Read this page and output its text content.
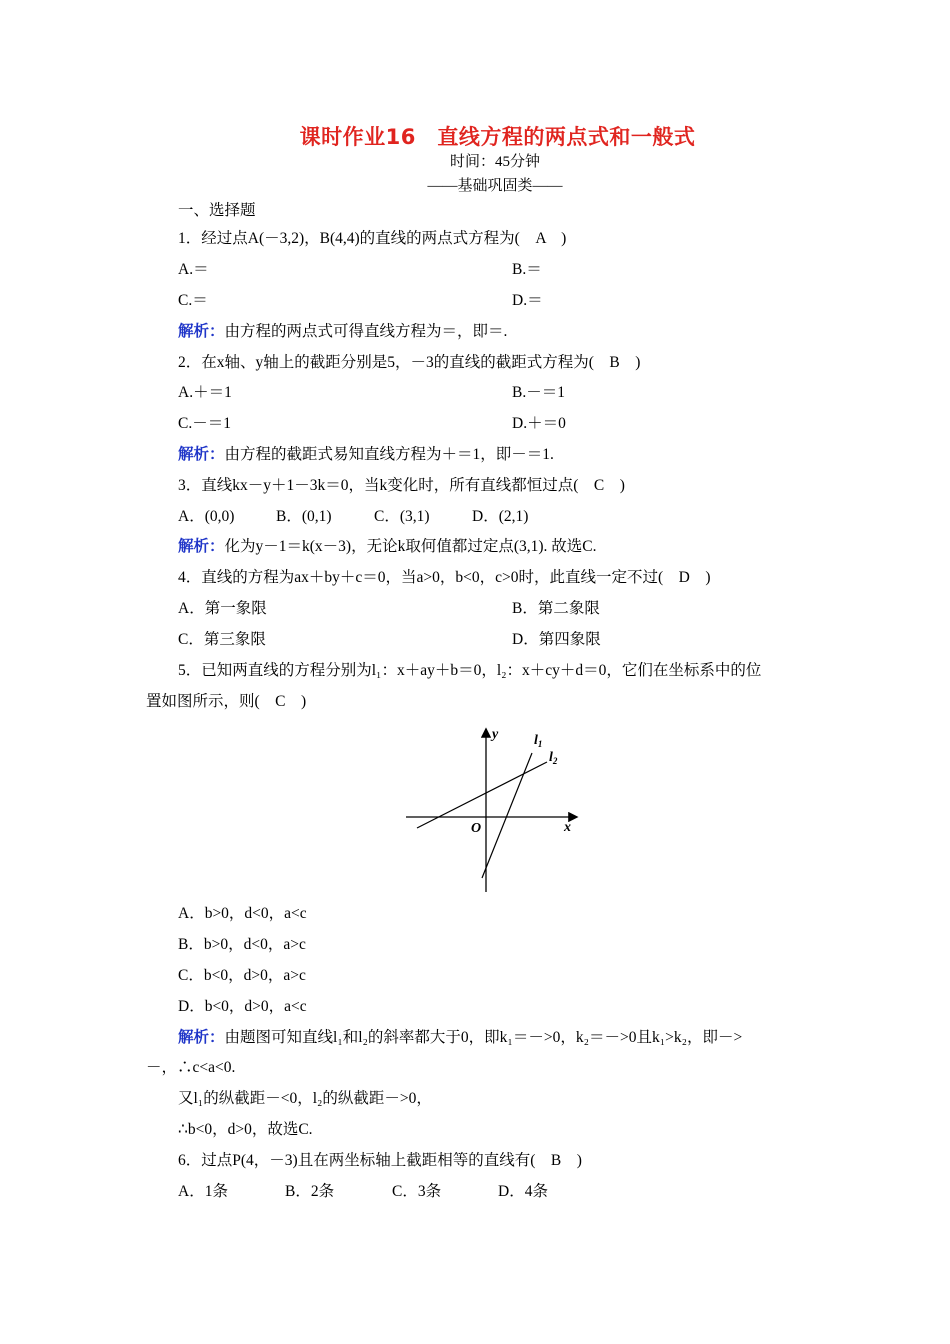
课时作业16　直线方程的两点式和一般式
时间：45分钟
——基础巩固类——
一、选择题
1．经过点A(－3,2)，B(4,4)的直线的两点式方程为(　A　)
A.＝	B.＝
C.＝	D.＝
解析：由方程的两点式可得直线方程为＝，即＝.
2．在x轴、y轴上的截距分别是5，－3的直线的截距式方程为(　B　)
A.＋＝1	B.－＝1
C.－＝1	D.＋＝0
解析：由方程的截距式易知直线方程为＋＝1，即－＝1.
3．直线kx－y＋1－3k＝0，当k变化时，所有直线都恒过点(　C　)
A．(0,0)	B．(0,1)	C．(3,1)	D．(2,1)
解析：化为y－1＝k(x－3)，无论k取何值都过定点(3,1). 故选C.
4．直线的方程为ax＋by＋c＝0，当a>0，b<0，c>0时，此直线一定不过(　D　)
A．第一象限	B．第二象限
C．第三象限	D．第四象限
5．已知两直线的方程分别为l₁：x＋ay＋b＝0，l₂：x＋cy＋d＝0，它们在坐标系中的位
置如图所示，则(　C　)
y
x
O
$l_1$
$l_2$
A．b>0，d<0，a<c
B．b>0，d<0，a>c
C．b<0，d>0，a>c
D．b<0，d>0，a<c
解析：由题图可知直线l₁和l₂的斜率都大于0，即k₁＝－>0，k₂＝－>0且k₁>k₂，即－>
－，∴c<a<0.
又l₁的纵截距－<0，l₂的纵截距－>0，
∴b<0，d>0，故选C.
6．过点P(4，－3)且在两坐标轴上截距相等的直线有(　B　)
A．1条	B．2条	C．3条	D．4条
